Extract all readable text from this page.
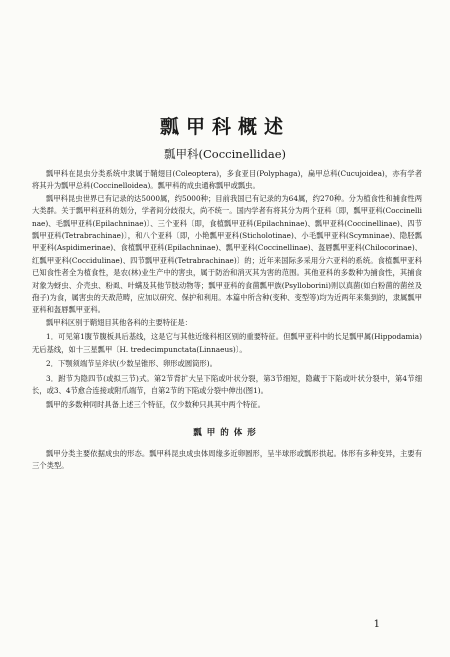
瓢甲科概述

瓢甲科(Coccinellidae)

瓢甲科在昆虫分类系统中隶属于鞘翅目(Coleoptera)，多食亚目(Polyphaga)，扁甲总科(Cucujoidea)，亦有学者将其升为瓢甲总科(Coccinelloidea)。瓢甲科的成虫通称瓢甲或瓢虫。

瓢甲科昆虫世界已有记录的达5000属，约5000种；目前我国已有记录的为64属，约270种。分为植食性和捕食性两大类群。关于瓢甲科亚科的划分，学者间分歧很大，尚不统一。国内学者有将其分为两个亚科〔即，瓢甲亚科(Coccinellinae)、毛瓢甲亚科(Epilachninae)〕、三个亚科〔即，食植瓢甲亚科(Epilachninae)、瓢甲亚科(Coccinellinae)、四节瓢甲亚科(Tetrabrachinae)〕，和八个亚科〔即，小艳瓢甲亚科(Sticholotinae)、小毛瓢甲亚科(Scymninae)、隐胫瓢甲亚科(Aspidimerinae)、食植瓢甲亚科(Epilachninae)、瓢甲亚科(Coccinellinae)、盔唇瓢甲亚科(Chilocorinae)、红瓢甲亚科(Coccidulinae)、四节瓢甲亚科(Tetrabrachinae)〕的；近年来国际多采用分六亚科的系统。食植瓢甲亚科已知食性者全为植食性，是农(林)业生产中的害虫，属于防治和消灭其为害的范围。其他亚科的多数种为捕食性，其捕食对象为蚜虫、介壳虫、粉虱、叶螨及其他节肢动物等；瓢甲亚科的食菌瓢甲族(Psylloborini)则以真菌(如白粉菌的菌丝及孢子)为食，属害虫的天敌范畴，应加以研究、保护和利用。本篇中所含种(变种、变型等)均为近两年来集到的，隶属瓢甲亚科和盔唇瓢甲亚科。

瓢甲科区别于鞘翅目其他各科的主要特征是：

1．可见第1腹节腹板具后基线，这是它与其他近缘科相区别的重要特征。但瓢甲亚科中的长足瓢甲属(Hippodamia)无后基线，如十三星瓢甲〔H. tredecimpunctata(Linnaeus)〕。

2．下颚须端节呈斧状(少数呈锥形、卵形或圆筒形)。

3．跗节为隐四节(或拟三节)式。第2节背扩大呈下陷或叶状分裂，第3节细短，隐藏于下陷或叶状分裂中，第4节细长，或3、4节愈合连接或附爪端节，自第2节的下陷或分裂中伸出(图1)。

瓢甲的多数种同时具备上述三个特征，仅少数种只具其中两个特征。

瓢甲的体形

瓢甲分类主要依据成虫的形态。瓢甲科昆虫成虫体周缘多近卵圆形，呈半球形或瓢形拱起。体形有多种变异，主要有三个类型。

1
